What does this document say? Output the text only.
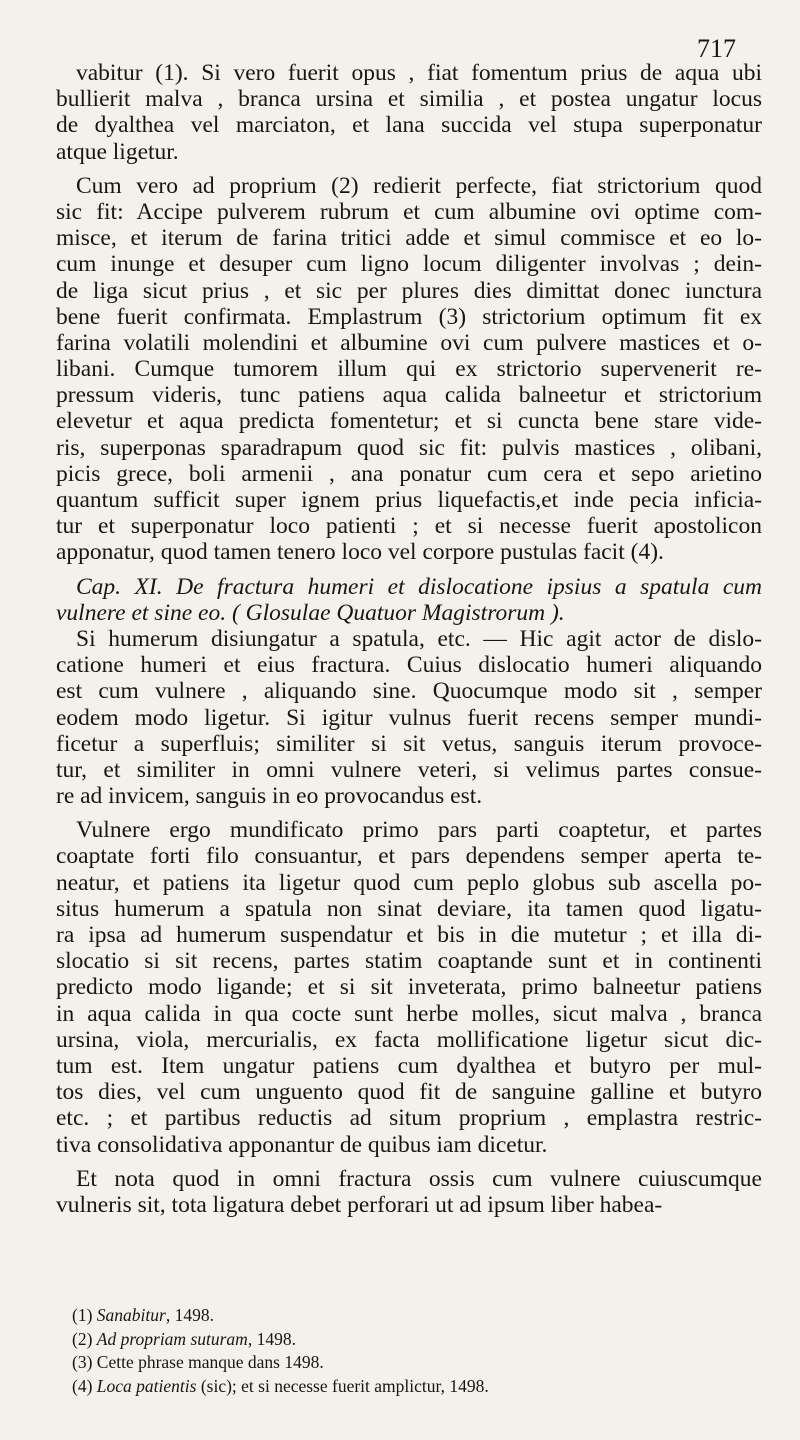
717
vabitur (1). Si vero fuerit opus , fiat fomentum prius de aqua ubi
bullierit malva , branca ursina et similia , et postea ungatur locus
de dyalthea vel marciaton, et lana succida vel stupa superponatur
atque ligetur.
Cum vero ad proprium (2) redierit perfecte, fiat strictorium quod
sic fit: Accipe pulverem rubrum et cum albumine ovi optime com-
misce, et iterum de farina tritici adde et simul commisce et eo lo-
cum inunge et desuper cum ligno locum diligenter involvas ; dein-
de liga sicut prius , et sic per plures dies dimittat donec iunctura
bene fuerit confirmata. Emplastrum (3) strictorium optimum fit ex
farina volatili molendini et albumine ovi cum pulvere mastices et o-
libani. Cumque tumorem illum qui ex strictorio supervenerit re-
pressum videris, tunc patiens aqua calida balneetur et strictorium
elevetur et aqua predicta fomentetur; et si cuncta bene stare vide-
ris, superponas sparadrapum quod sic fit: pulvis mastices , olibani,
picis grece, boli armenii , ana ponatur cum cera et sepo arietino
quantum sufficit super ignem prius liquefactis,et inde pecia inficia-
tur et superponatur loco patienti ; et si necesse fuerit apostolicon
apponatur, quod tamen tenero loco vel corpore pustulas facit (4).
Cap. XI. De fractura humeri et dislocatione ipsius a spatula cum
vulnere et sine eo. ( Glosulae Quatuor Magistrorum ).
Si humerum disiungatur a spatula, etc. — Hic agit actor de dislo-
catione humeri et eius fractura. Cuius dislocatio humeri aliquando
est cum vulnere , aliquando sine. Quocumque modo sit , semper
eodem modo ligetur. Si igitur vulnus fuerit recens semper mundi-
ficetur a superfluis; similiter si sit vetus, sanguis iterum provoce-
tur, et similiter in omni vulnere veteri, si velimus partes consue-
re ad invicem, sanguis in eo provocandus est.
Vulnere ergo mundificato primo pars parti coaptetur, et partes
coaptate forti filo consuantur, et pars dependens semper aperta te-
neatur, et patiens ita ligetur quod cum peplo globus sub ascella po-
situs humerum a spatula non sinat deviare, ita tamen quod ligatu-
ra ipsa ad humerum suspendatur et bis in die mutetur ; et illa di-
slocatio si sit recens, partes statim coaptande sunt et in continenti
predicto modo ligande; et si sit inveterata, primo balneetur patiens
in aqua calida in qua cocte sunt herbe molles, sicut malva , branca
ursina, viola, mercurialis, ex facta mollificatione ligetur sicut dic-
tum est. Item ungatur patiens cum dyalthea et butyro per mul-
tos dies, vel cum unguento quod fit de sanguine galline et butyro
etc. ; et partibus reductis ad situm proprium , emplastra restric-
tiva consolidativa apponantur de quibus iam dicetur.
Et nota quod in omni fractura ossis cum vulnere cuiuscumque
vulneris sit, tota ligatura debet perforari ut ad ipsum liber habea-
(1) Sanabitur, 1498.
(2) Ad propriam suturam, 1498.
(3) Cette phrase manque dans 1498.
(4) Loca patientis (sic); et si necesse fuerit amplictur, 1498.
